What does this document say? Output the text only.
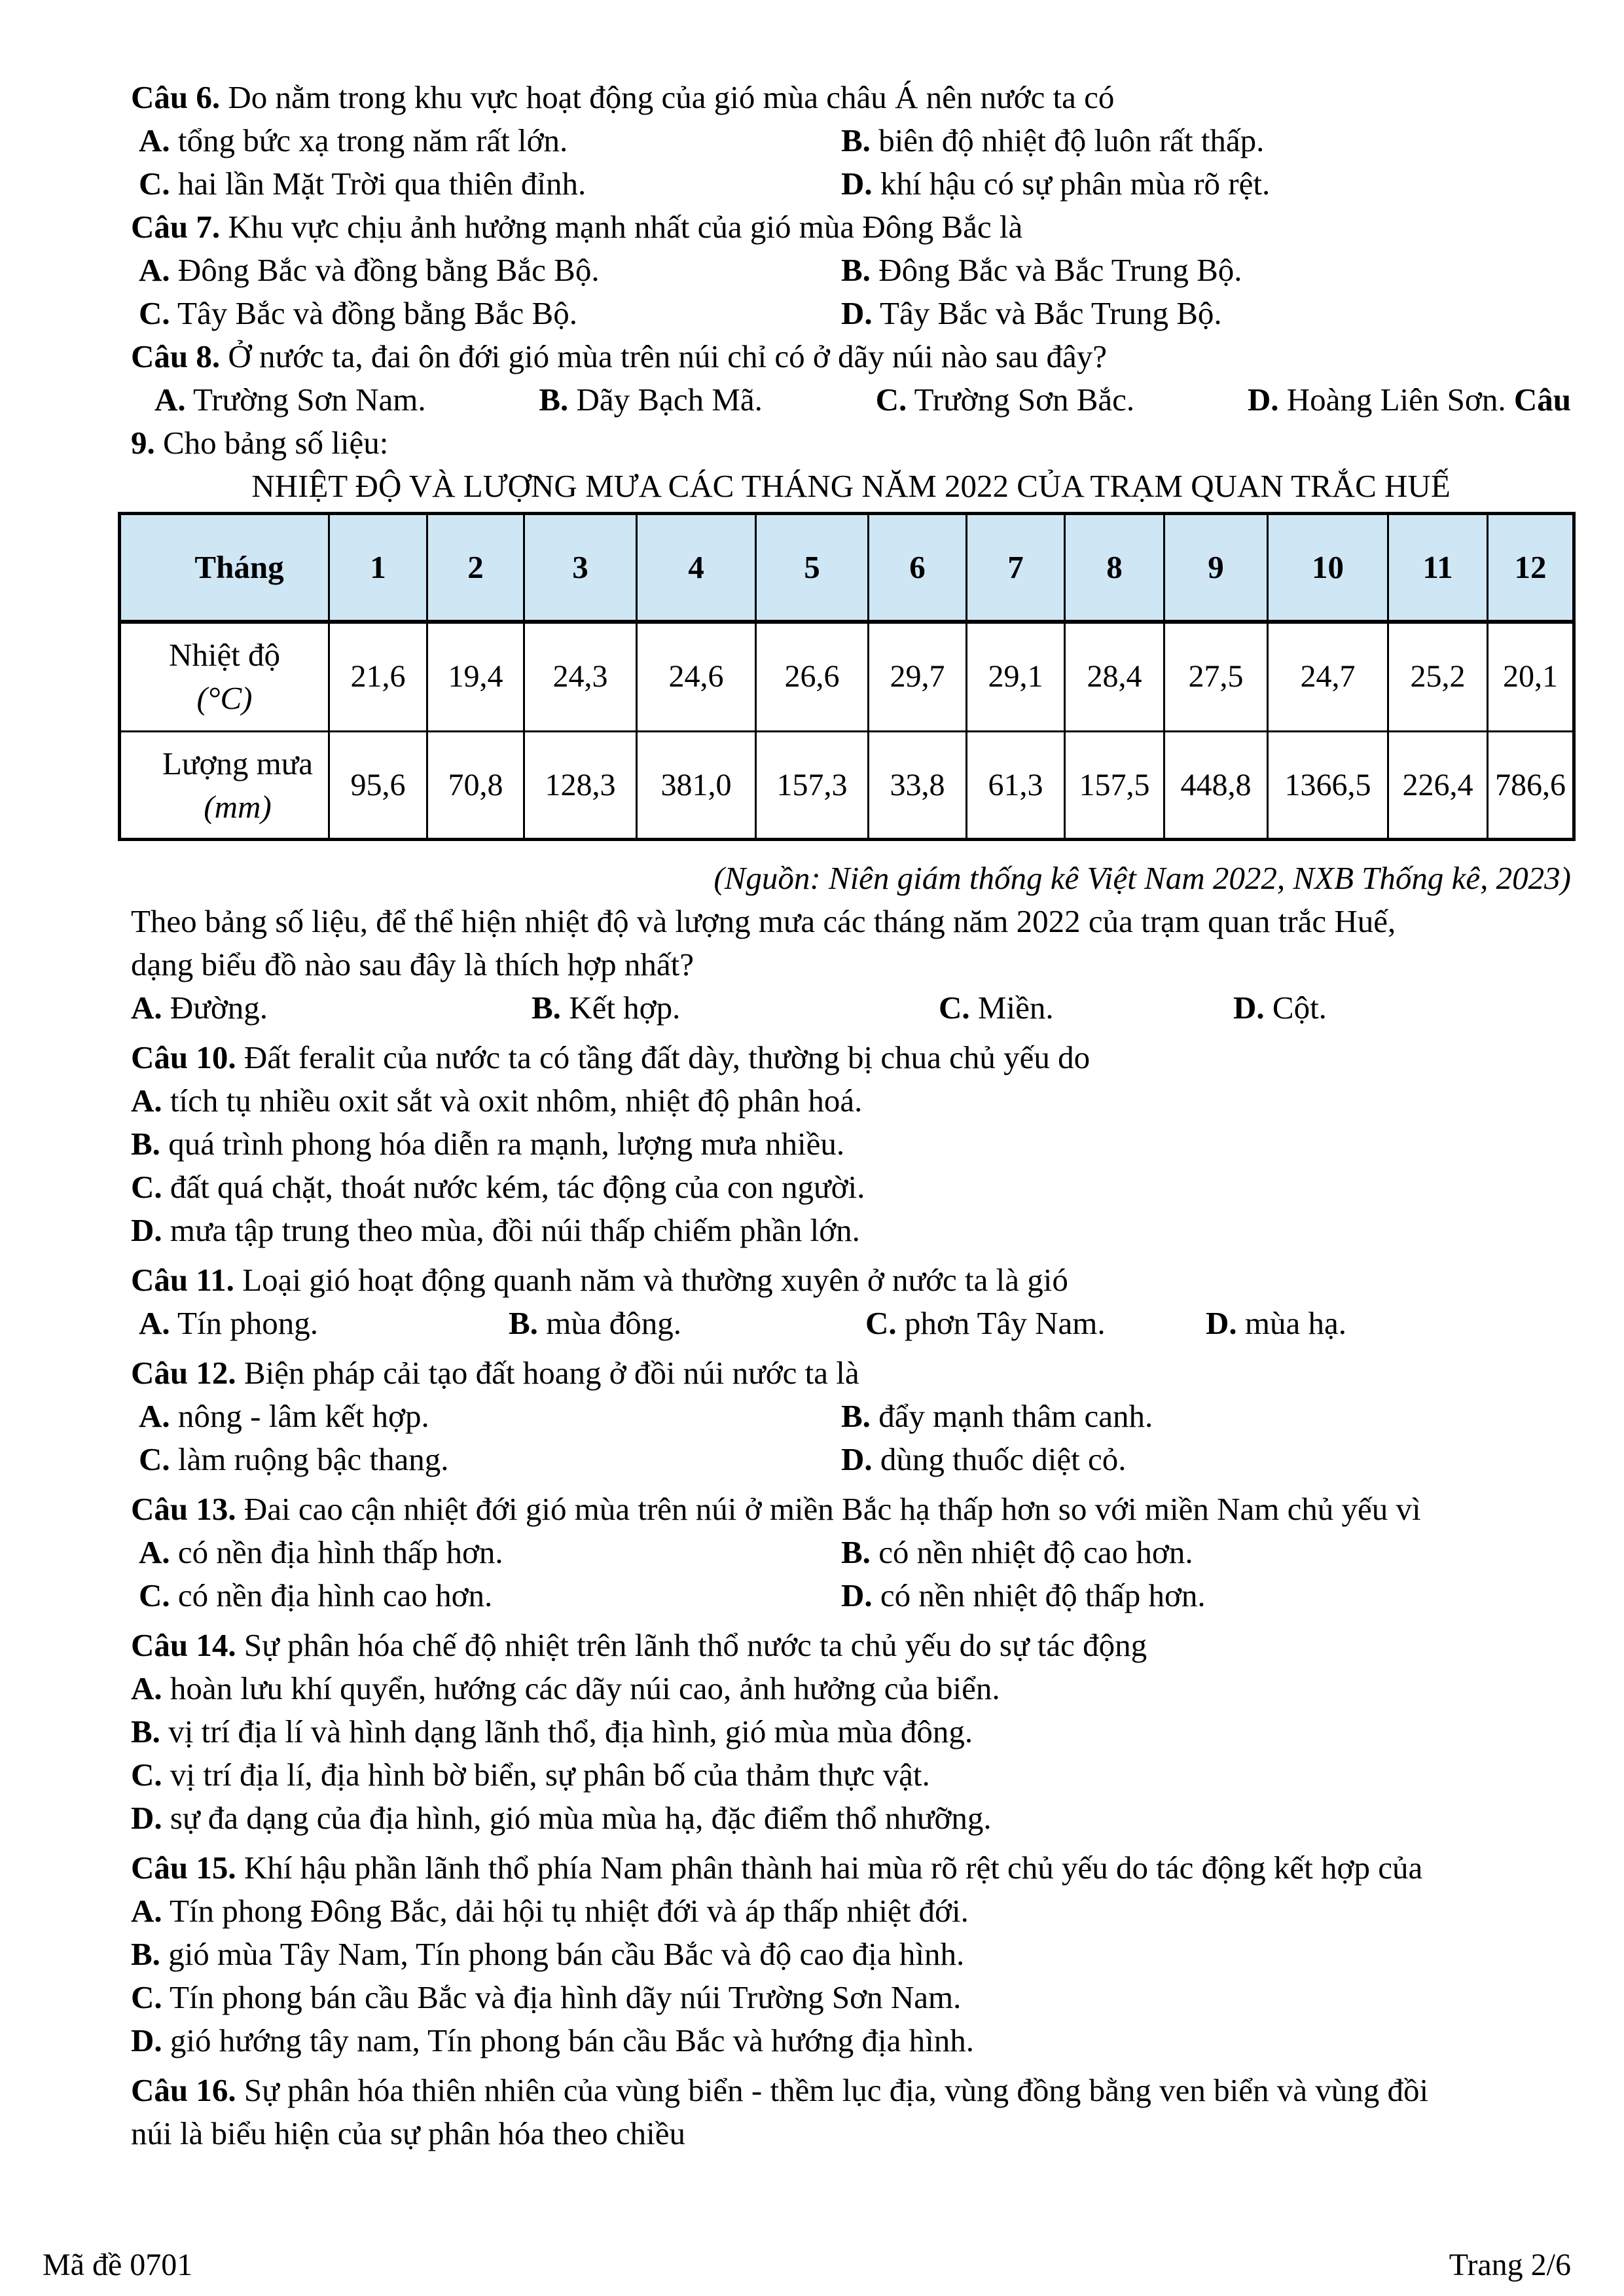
Câu 6. Do nằm trong khu vực hoạt động của gió mùa châu Á nên nước ta có

A. tổng bức xạ trong năm rất lớn.	B. biên độ nhiệt độ luôn rất thấp.

C. hai lần Mặt Trời qua thiên đỉnh.	D. khí hậu có sự phân mùa rõ rệt.

Câu 7. Khu vực chịu ảnh hưởng mạnh nhất của gió mùa Đông Bắc là

A. Đông Bắc và đồng bằng Bắc Bộ.	B. Đông Bắc và Bắc Trung Bộ.

C. Tây Bắc và đồng bằng Bắc Bộ.	D. Tây Bắc và Bắc Trung Bộ.

Câu 8. Ở nước ta, đai ôn đới gió mùa trên núi chỉ có ở dãy núi nào sau đây?

A. Trường Sơn Nam.	B. Dãy Bạch Mã.	C. Trường Sơn Bắc.	D. Hoàng Liên Sơn. Câu

9. Cho bảng số liệu:

NHIỆT ĐỘ VÀ LƯỢNG MƯA CÁC THÁNG NĂM 2022 CỦA TRẠM QUAN TRẮC HUẾ

Tháng	1	2	3	4	5	6	7	8	9	10	11	12

Nhiệt độ
(°C)	21,6	19,4	24,3	24,6	26,6	29,7	29,1	28,4	27,5	24,7	25,2	20,1

Lượng mưa
(mm)	95,6	70,8	128,3	381,0	157,3	33,8	61,3	157,5	448,8	1366,5	226,4	786,6

(Nguồn: Niên giám thống kê Việt Nam 2022, NXB Thống kê, 2023)

Theo bảng số liệu, để thể hiện nhiệt độ và lượng mưa các tháng năm 2022 của trạm quan trắc Huế,

dạng biểu đồ nào sau đây là thích hợp nhất?

A. Đường.	B. Kết hợp.	C. Miền.	D. Cột.

Câu 10. Đất feralit của nước ta có tầng đất dày, thường bị chua chủ yếu do

A. tích tụ nhiều oxit sắt và oxit nhôm, nhiệt độ phân hoá.

B. quá trình phong hóa diễn ra mạnh, lượng mưa nhiều.

C. đất quá chặt, thoát nước kém, tác động của con người.

D. mưa tập trung theo mùa, đồi núi thấp chiếm phần lớn.

Câu 11. Loại gió hoạt động quanh năm và thường xuyên ở nước ta là gió

A. Tín phong.	B. mùa đông.	C. phơn Tây Nam.	D. mùa hạ.

Câu 12. Biện pháp cải tạo đất hoang ở đồi núi nước ta là

A. nông - lâm kết hợp.	B. đẩy mạnh thâm canh.

C. làm ruộng bậc thang.	D. dùng thuốc diệt cỏ.

Câu 13. Đai cao cận nhiệt đới gió mùa trên núi ở miền Bắc hạ thấp hơn so với miền Nam chủ yếu vì

A. có nền địa hình thấp hơn.	B. có nền nhiệt độ cao hơn.

C. có nền địa hình cao hơn.	D. có nền nhiệt độ thấp hơn.

Câu 14. Sự phân hóa chế độ nhiệt trên lãnh thổ nước ta chủ yếu do sự tác động

A. hoàn lưu khí quyển, hướng các dãy núi cao, ảnh hưởng của biển.

B. vị trí địa lí và hình dạng lãnh thổ, địa hình, gió mùa mùa đông.

C. vị trí địa lí, địa hình bờ biển, sự phân bố của thảm thực vật.

D. sự đa dạng của địa hình, gió mùa mùa hạ, đặc điểm thổ nhưỡng.

Câu 15. Khí hậu phần lãnh thổ phía Nam phân thành hai mùa rõ rệt chủ yếu do tác động kết hợp của

A. Tín phong Đông Bắc, dải hội tụ nhiệt đới và áp thấp nhiệt đới.

B. gió mùa Tây Nam, Tín phong bán cầu Bắc và độ cao địa hình.

C. Tín phong bán cầu Bắc và địa hình dãy núi Trường Sơn Nam.

D. gió hướng tây nam, Tín phong bán cầu Bắc và hướng địa hình.

Câu 16. Sự phân hóa thiên nhiên của vùng biển - thềm lục địa, vùng đồng bằng ven biển và vùng đồi

núi là biểu hiện của sự phân hóa theo chiều

Mã đề 0701	Trang 2/6
